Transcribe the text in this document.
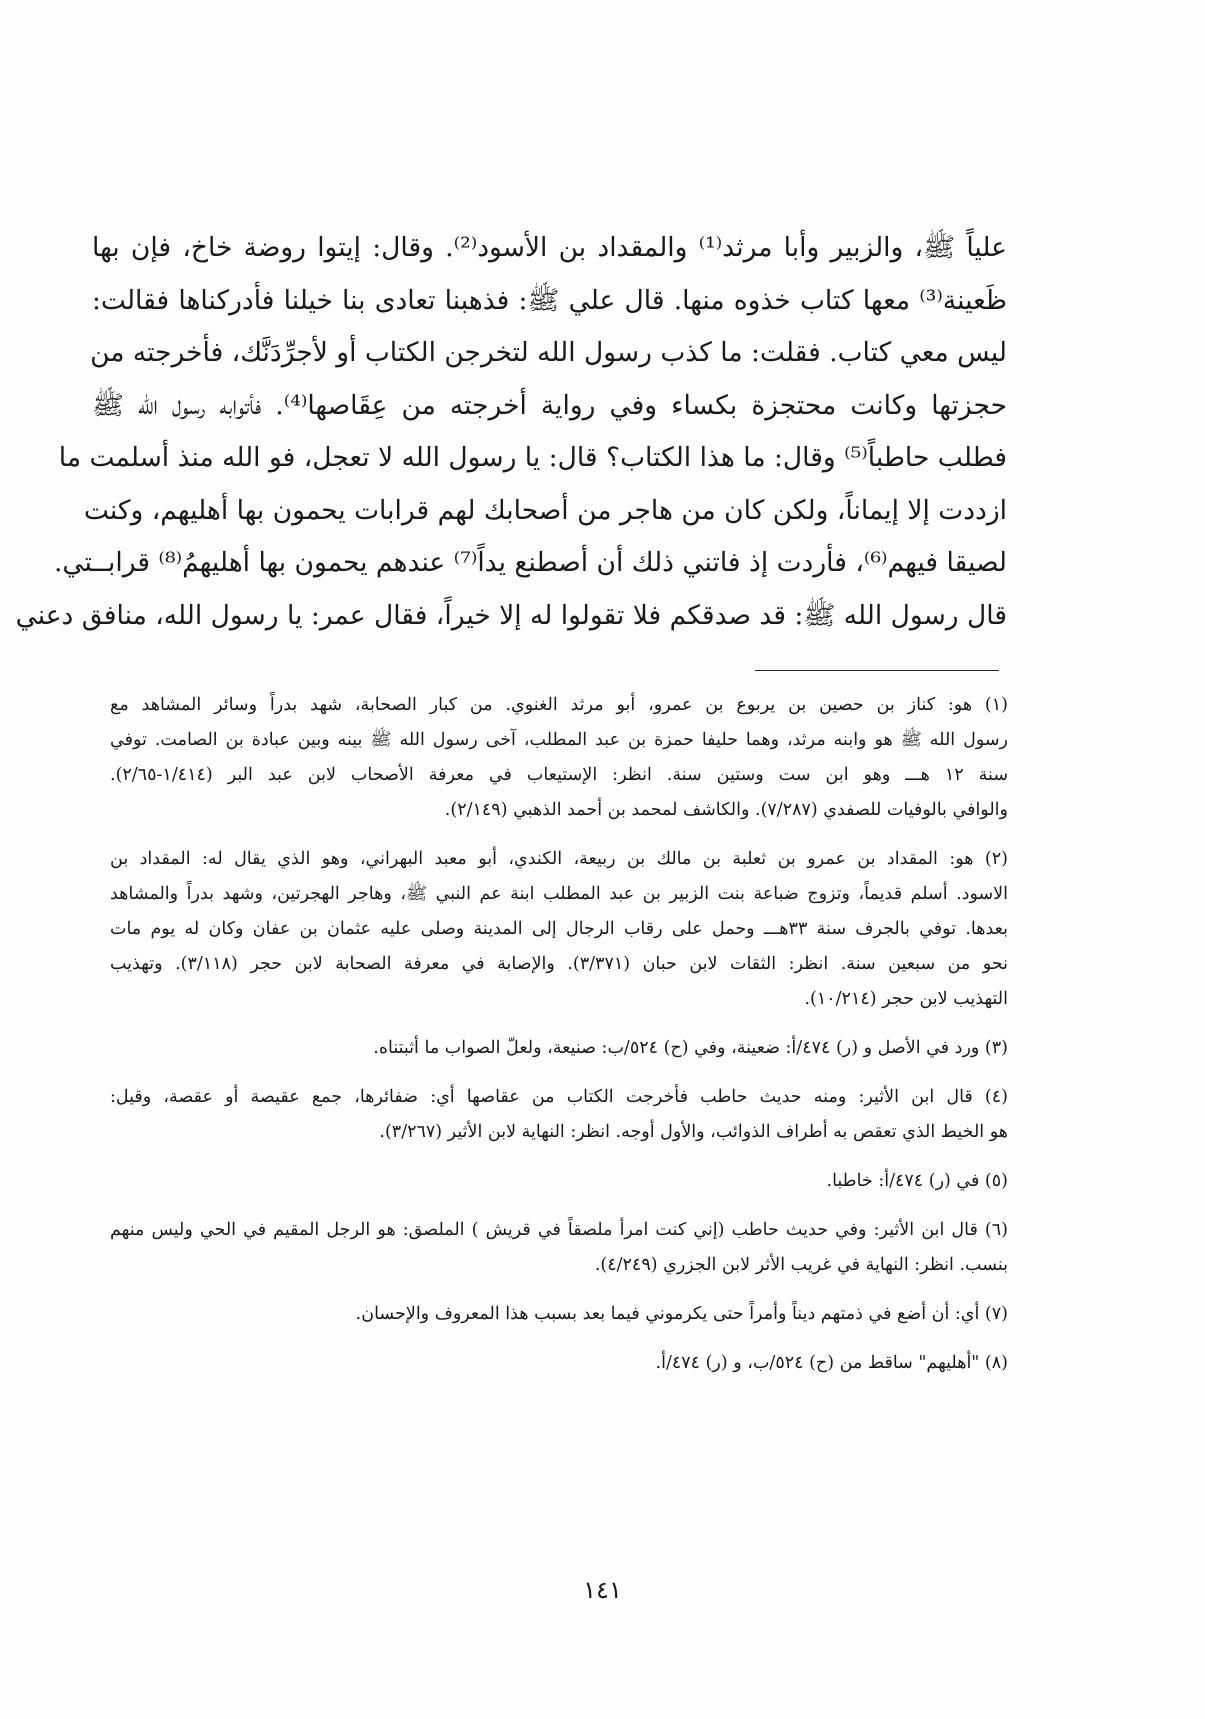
علياً ﷺ، والزبير وأبا مرثد⁽¹⁾ والمقداد بن الأسود⁽²⁾. وقال: إيتوا روضة خاخ، فإن بها
ظَعينة⁽³⁾ معها كتاب خذوه منها. قال علي ﷺ: فذهبنا تعادى بنا خيلنا فأدركناها فقالت:
ليس معي كتاب. فقلت: ما كذب رسول الله لتخرجن الكتاب أو لأجرِّدَنَّك، فأخرجته من
حجزتها وكانت محتجزة بكساء وفي رواية أخرجته من عِقَاصها⁽⁴⁾. فأتوابه رسول الله ﷺ
فطلب حاطباً⁽⁵⁾ وقال: ما هذا الكتاب؟ قال: يا رسول الله لا تعجل، فو الله منذ أسلمت ما
ازددت إلا إيماناً، ولكن كان من هاجر من أصحابك لهم قرابات يحمون بها أهليهم، وكنت
لصيقا فيهم⁽⁶⁾، فأردت إذ فاتني ذلك أن أصطنع يداً⁽⁷⁾ عندهم يحمون بها أهليهمُ⁽⁸⁾ قرابــتي.
قال رسول الله ﷺ: قد صدقكم فلا تقولوا له إلا خيراً، فقال عمر: يا رسول الله، منافق دعني
(١) هو: كناز بن حصين بن يربوع بن عمرو، أبو مرثد الغنوي. من كبار الصحابة، شهد بدراً وسائر المشاهد مع
رسول الله ﷺ هو وابنه مرثد، وهما حليفا حمزة بن عبد المطلب، آخى رسول الله ﷺ بينه وبين عبادة بن الصامت. توفي
سنة ١٢ هـــ وهو ابن ست وستين سنة. انظر: الإستيعاب في معرفة الأصحاب لابن عبد البر (١/٤١٤-٢/٦٥).
والوافي بالوفيات للصفدي (٧/٢٨٧). والكاشف لمحمد بن أحمد الذهبي (٢/١٤٩).
(٢) هو: المقداد بن عمرو بن ثعلبة بن مالك بن ربيعة، الكندي، أبو معبد البهراني، وهو الذي يقال له: المقداد بن
الاسود. أسلم قديماً، وتزوج ضباعة بنت الزبير بن عبد المطلب ابنة عم النبي ﷺ، وهاجر الهجرتين، وشهد بدراً والمشاهد
بعدها. توفي بالجرف سنة ٣٣هـــ وحمل على رقاب الرجال إلى المدينة وصلى عليه عثمان بن عفان وكان له يوم مات
نحو من سبعين سنة. انظر: الثقات لابن حبان (٣/٣٧١). والإصابة في معرفة الصحابة لابن حجر (٣/١١٨). وتهذيب
التهذيب لابن حجر (١٠/٢١٤).
(٣) ورد في الأصل و (ر) ٤٧٤/أ: ضعينة، وفي (ح) ٥٢٤/ب: صنيعة، ولعلّ الصواب ما أثبتناه.
(٤) قال ابن الأثير: ومنه حديث حاطب فأخرجت الكتاب من عقاصها أي: ضفائرها، جمع عقيصة أو عقصة، وقيل:
هو الخيط الذي تعقص به أطراف الذوائب، والأول أوجه. انظر: النهاية لابن الأثير (٣/٢٦٧).
(٥) في (ر) ٤٧٤/أ: خاطبا.
(٦) قال ابن الأثير: وفي حديث حاطب (إني كنت امرأ ملصقاً في قريش ) الملصق: هو الرجل المقيم في الحي وليس منهم
بنسب. انظر: النهاية في غريب الأثر لابن الجزري (٤/٢٤٩).
(٧) أي: أن أضع في ذمتهم ديناً وأمراً حتى يكرموني فيما بعد بسبب هذا المعروف والإحسان.
(٨) "أهليهم" ساقط من (ح) ٥٢٤/ب، و (ر) ٤٧٤/أ.
١٤١
